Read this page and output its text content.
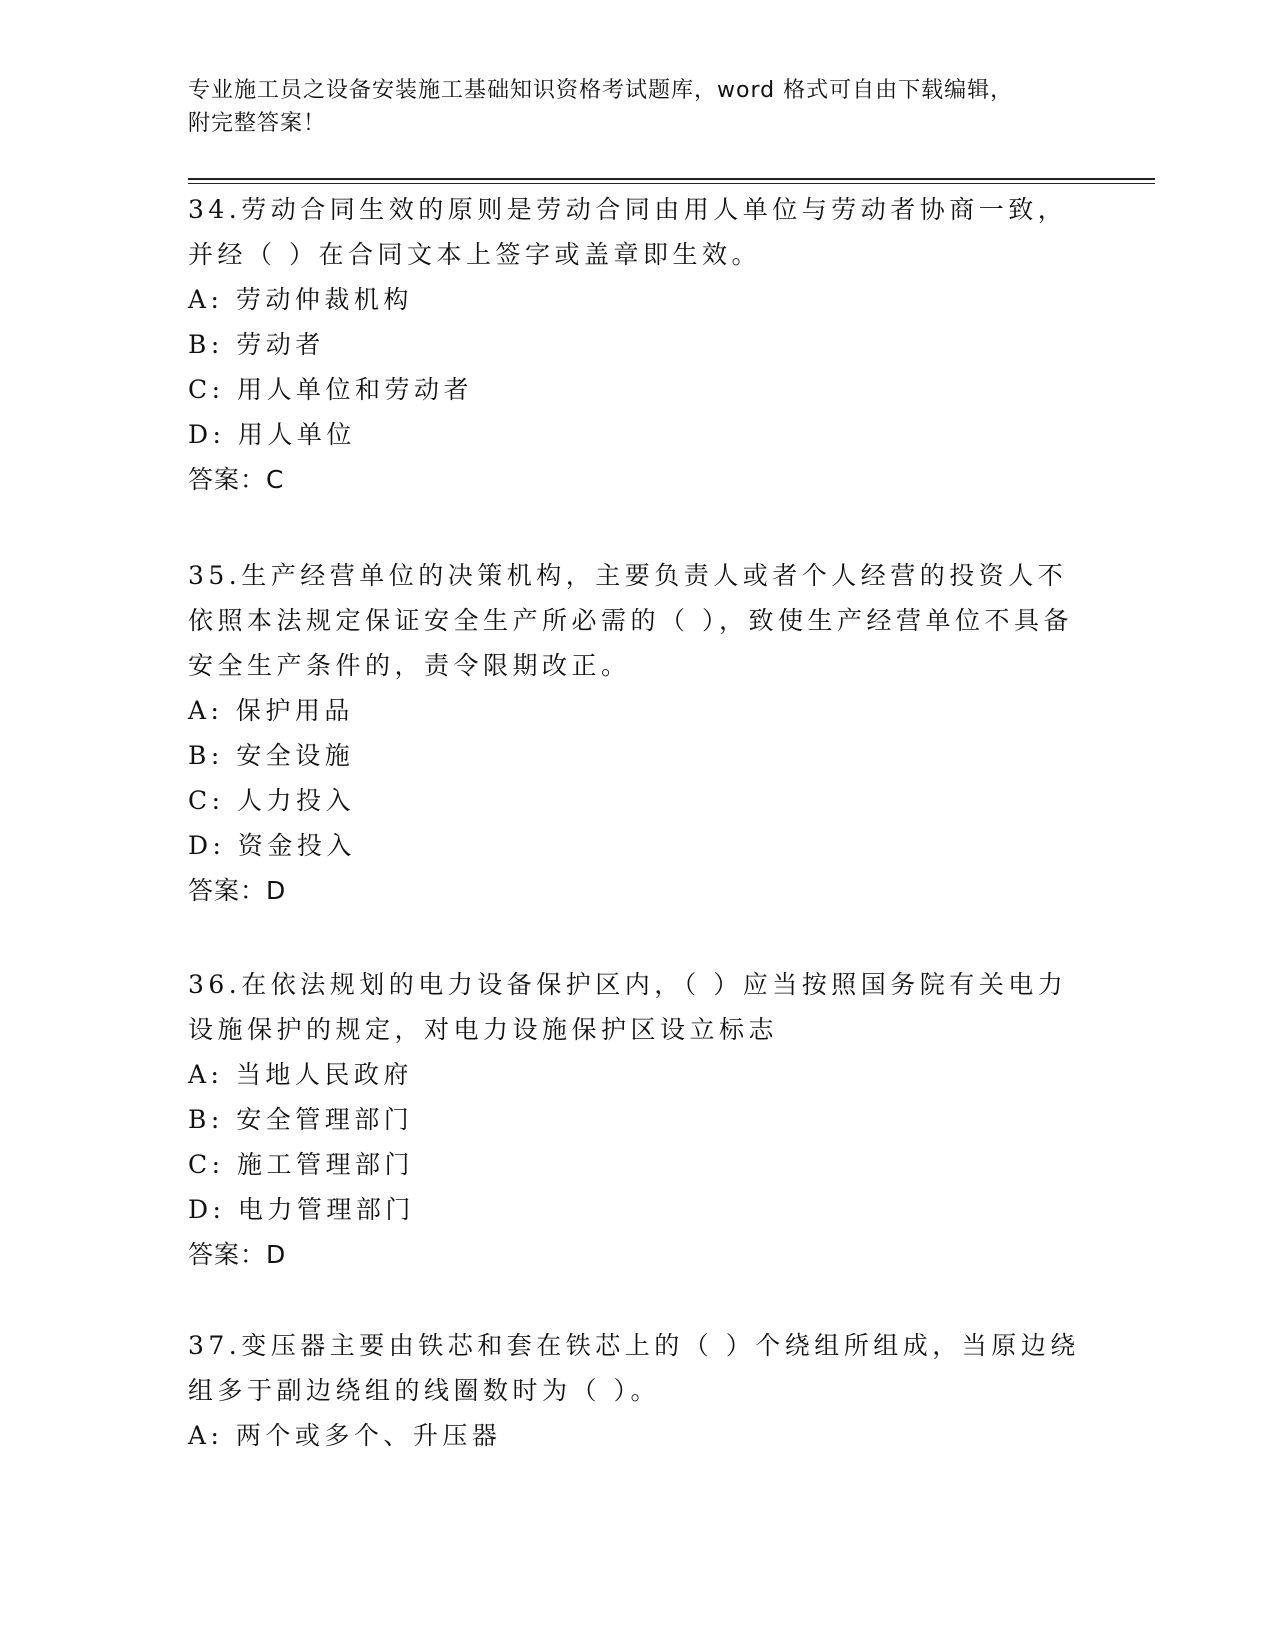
专业施工员之设备安装施工基础知识资格考试题库，word 格式可自由下载编辑，
附完整答案！

34.劳动合同生效的原则是劳动合同由用人单位与劳动者协商一致，并经（ ）在合同文本上签字或盖章即生效。

A: 劳动仲裁机构

B: 劳动者

C: 用人单位和劳动者

D: 用人单位

答案：C

35.生产经营单位的决策机构，主要负责人或者个人经营的投资人不依照本法规定保证安全生产所必需的（ ），致使生产经营单位不具备安全生产条件的，责令限期改正。

A: 保护用品

B: 安全设施

C: 人力投入

D: 资金投入

答案：D

36.在依法规划的电力设备保护区内，（ ）应当按照国务院有关电力设施保护的规定，对电力设施保护区设立标志

A: 当地人民政府

B: 安全管理部门

C: 施工管理部门

D: 电力管理部门

答案：D

37.变压器主要由铁芯和套在铁芯上的（ ）个绕组所组成，当原边绕组多于副边绕组的线圈数时为（ ）。

A: 两个或多个、升压器
